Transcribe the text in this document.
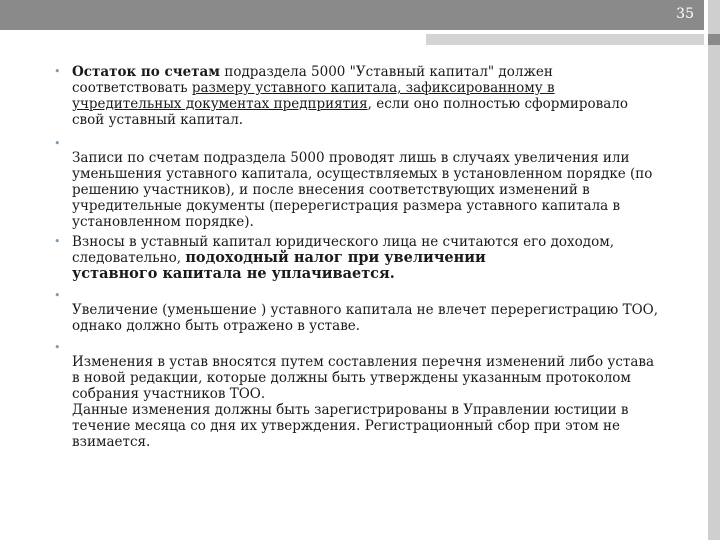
35
• Остаток по счетам подраздела 5000 "Уставный капитал" должен соответствовать размеру уставного капитала, зафиксированному в учредительных документах предприятия, если оно полностью сформировало свой уставный капитал.

•

Записи по счетам подраздела 5000 проводят лишь в случаях увеличения или уменьшения уставного капитала, осуществляемых в установленном порядке (по решению участников), и после внесения соответствующих изменений в учредительные документы (перерегистрация размера уставного капитала в установленном порядке).

• Взносы в уставный капитал юридического лица не считаются его доходом, следовательно, подоходный налог при увеличении
уставного капитала не уплачивается.

•

Увеличение (уменьшение ) уставного капитала не влечет перерегистрацию ТОО, однако должно быть отражено в уставе.

•

Изменения в устав вносятся путем составления перечня изменений либо устава в новой редакции, которые должны быть утверждены указанным протоколом собрания участников ТОО.
Данные изменения должны быть зарегистрированы в Управлении юстиции в течение месяца со дня их утверждения. Регистрационный сбор при этом не взимается.
